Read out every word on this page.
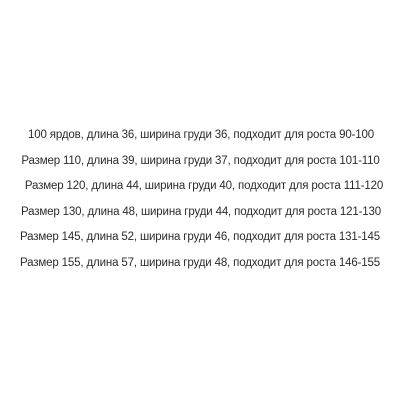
100 ярдов, длина 36, ширина груди 36, подходит для роста 90-100
Размер 110, длина 39, ширина груди 37, подходит для роста 101-110
Размер 120, длина 44, ширина груди 40, подходит для роста 111-120
Размер 130, длина 48, ширина груди 44, подходит для роста 121-130
Размер 145, длина 52, ширина груди 46, подходит для роста 131-145
Размер 155, длина 57, ширина груди 48, подходит для роста 146-155
